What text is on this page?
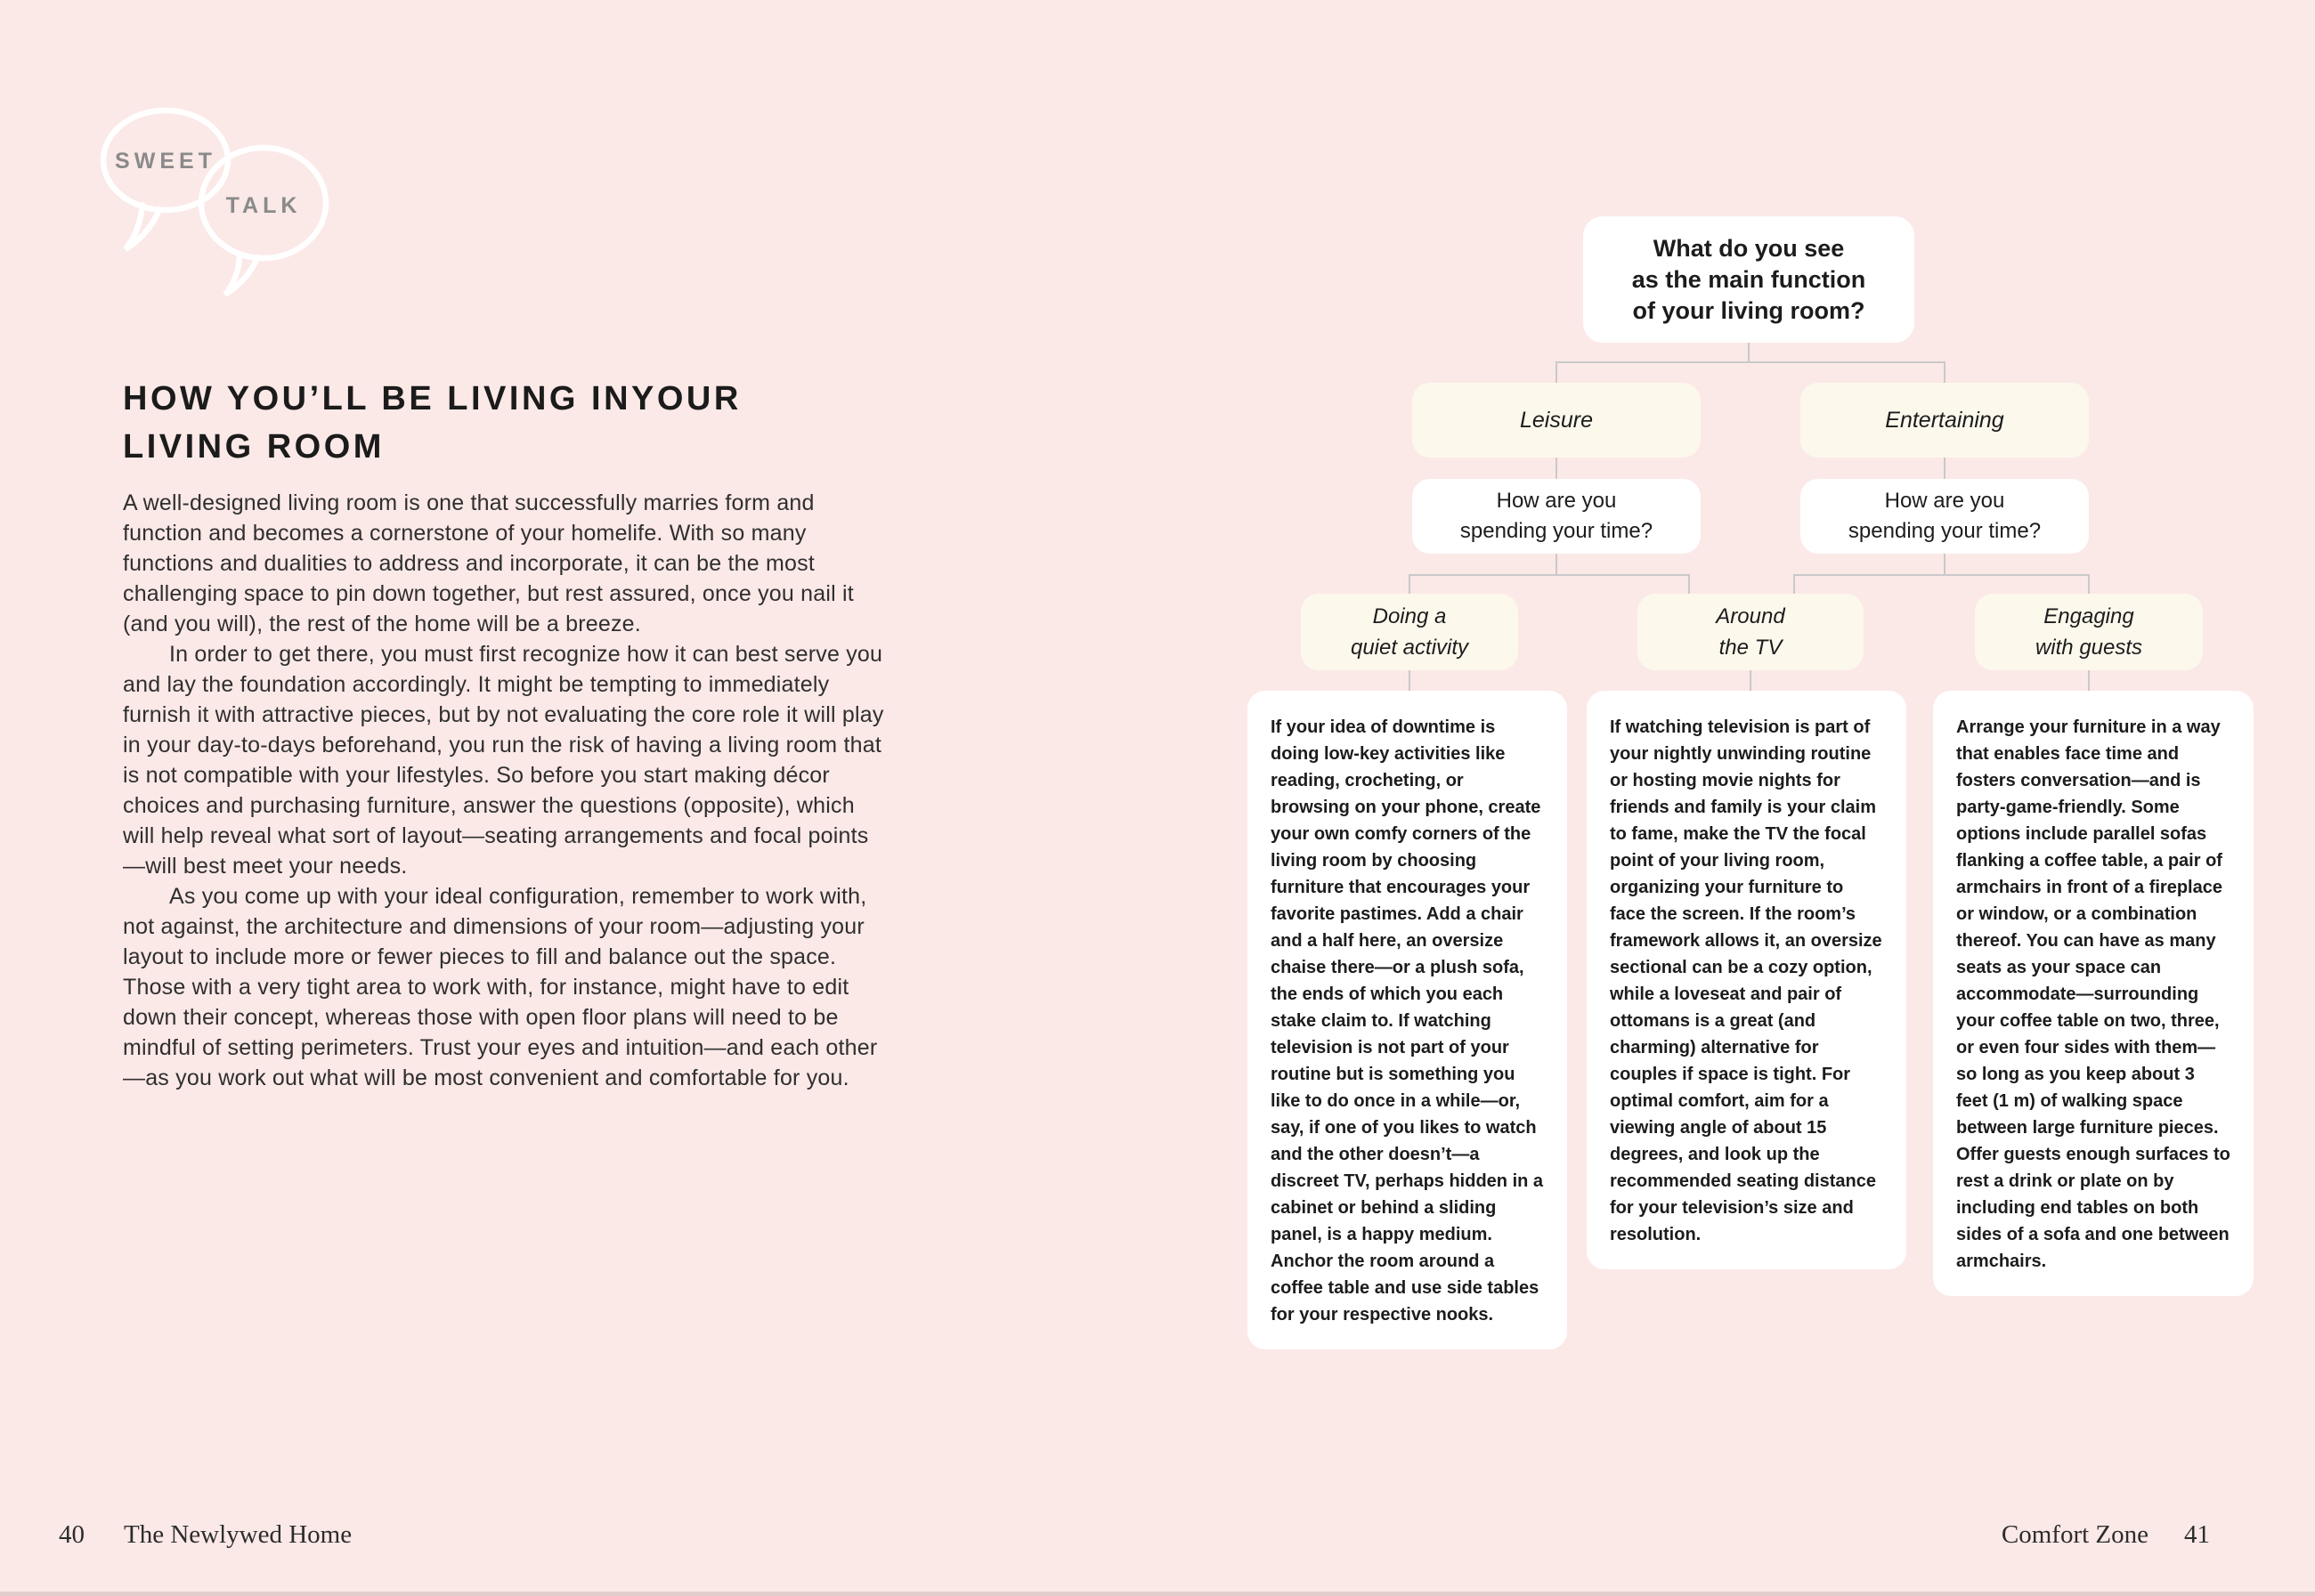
SWEET
TALK
HOW YOU’LL BE LIVING INYOUR LIVING ROOM

A well-designed living room is one that successfully marries form and function and becomes a cornerstone of your homelife. With so many functions and dualities to address and incorporate, it can be the most challenging space to pin down together, but rest assured, once you nail it (and you will), the rest of the home will be a breeze.

In order to get there, you must first recognize how it can best serve you and lay the foundation accordingly. It might be tempting to immediately furnish it with attractive pieces, but by not evaluating the core role it will play in your day-to-days beforehand, you run the risk of having a living room that is not compatible with your lifestyles. So before you start making décor choices and purchasing furniture, answer the questions (opposite), which will help reveal what sort of layout—seating arrangements and focal points—will best meet your needs.

As you come up with your ideal configuration, remember to work with, not against, the architecture and dimensions of your room—adjusting your layout to include more or fewer pieces to fill and balance out the space. Those with a very tight area to work with, for instance, might have to edit down their concept, whereas those with open floor plans will need to be mindful of setting perimeters. Trust your eyes and intuition—and each other—as you work out what will be most convenient and comfortable for you.

40 The Newlywed Home
What do you see
as the main function
of your living room?
Leisure	Entertaining
How are you
spending your time?
How are you
spending your time?
Doing a
quiet activity
Around
the TV
Engaging
with guests
If your idea of downtime is doing low-key activities like reading, crocheting, or browsing on your phone, create your own comfy corners of the living room by choosing furniture that encourages your favorite pastimes. Add a chair and a half here, an oversize chaise there—or a plush sofa, the ends of which you each stake claim to. If watching television is not part of your routine but is something you like to do once in a while—or, say, if one of you likes to watch and the other doesn’t—a discreet TV, perhaps hidden in a cabinet or behind a sliding panel, is a happy medium. Anchor the room around a coffee table and use side tables for your respective nooks.
If watching television is part of your nightly unwinding routine or hosting movie nights for friends and family is your claim to fame, make the TV the focal point of your living room, organizing your furniture to face the screen. If the room’s framework allows it, an oversize sectional can be a cozy option, while a loveseat and pair of ottomans is a great (and charming) alternative for couples if space is tight. For optimal comfort, aim for a viewing angle of about 15 degrees, and look up the recommended seating distance for your television’s size and resolution.
Arrange your furniture in a way that enables face time and fosters conversation—and is party-game-friendly. Some options include parallel sofas flanking a coffee table, a pair of armchairs in front of a fireplace or window, or a combination thereof. You can have as many seats as your space can accommodate—surrounding your coffee table on two, three, or even four sides with them—so long as you keep about 3 feet (1 m) of walking space between large furniture pieces. Offer guests enough surfaces to rest a drink or plate on by including end tables on both sides of a sofa and one between armchairs.
Comfort Zone 41
